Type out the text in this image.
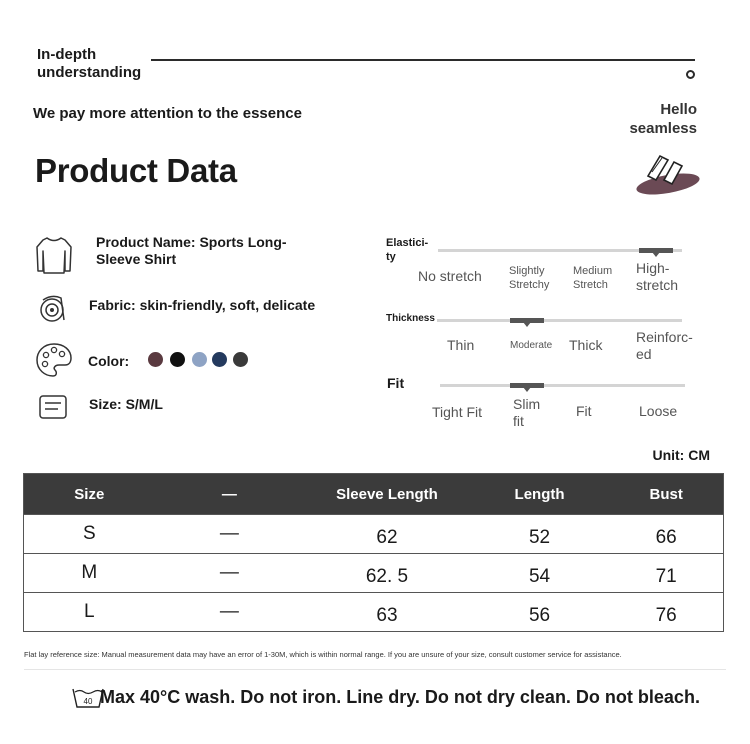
In-depth understanding
We pay more attention to the essence	Hello seamless
Product Data
Product Name: Sports Long-Sleeve Shirt
Fabric: skin-friendly, soft, delicate
Color:
Size: S/M/L
Elastici-ty
No stretch Slightly Stretchy
Medium Stretch
High-stretch
Thickness
Thin	Moderate Thick Reinforc-ed
Fit
Tight Fit Slim fit
Fit	Loose
Unit: CM
Size	—	Sleeve Length	Length	Bust
S	—	62	52	66
M	—	62. 5	54	71
L	—	63	56	76
Flat lay reference size: Manual measurement data may have an error of 1-30M, which is within normal range. If you are unsure of your size, consult customer service for assistance.
40 Max 40°C wash. Do not iron. Line dry. Do not dry clean. Do not bleach.
